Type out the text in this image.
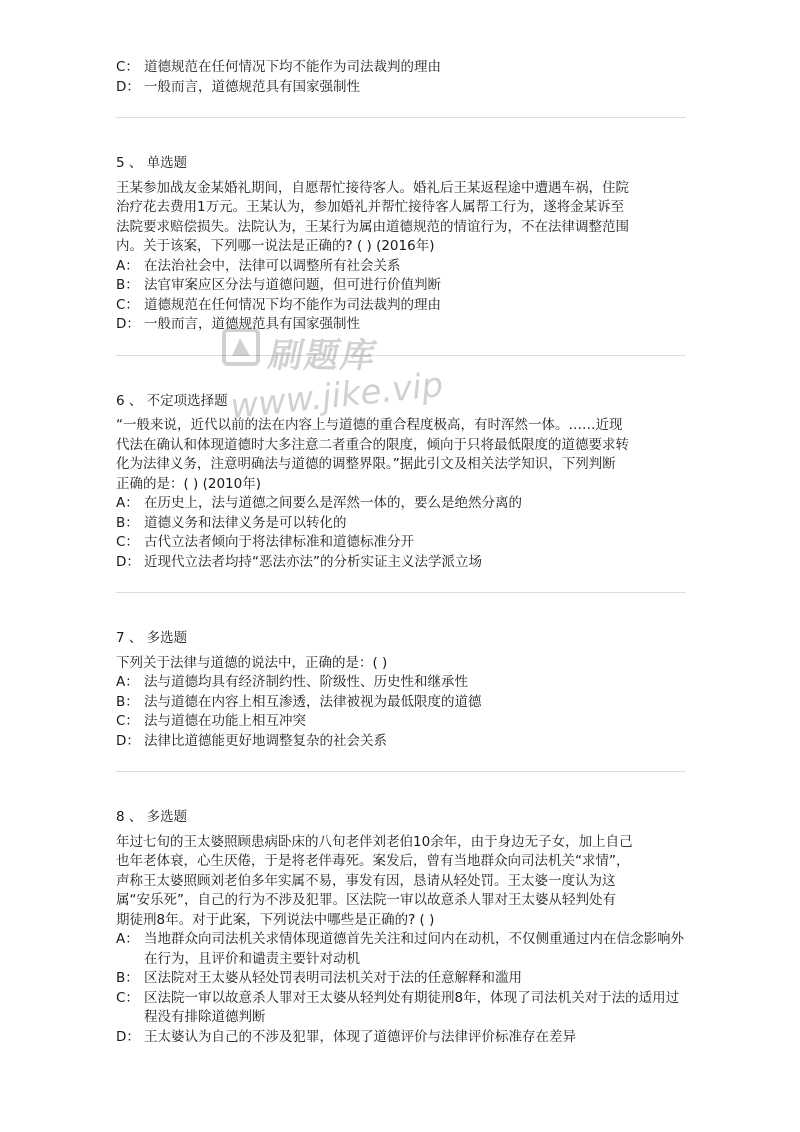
C： 道德规范在任何情况下均不能作为司法裁判的理由
D： 一般而言，道德规范具有国家强制性
5 、 单选题
王某参加战友金某婚礼期间，自愿帮忙接待客人。婚礼后王某返程途中遭遇车祸，住院
治疗花去费用1万元。王某认为，参加婚礼并帮忙接待客人属帮工行为，遂将金某诉至
法院要求赔偿损失。法院认为，王某行为属由道德规范的情谊行为，不在法律调整范围
内。关于该案，下列哪一说法是正确的? ( ) (2016年)
A： 在法治社会中，法律可以调整所有社会关系
B： 法官审案应区分法与道德问题，但可进行价值判断
C： 道德规范在任何情况下均不能作为司法裁判的理由
D： 一般而言，道德规范具有国家强制性
6 、 不定项选择题
“一般来说，近代以前的法在内容上与道德的重合程度极高，有时浑然一体。……近现
代法在确认和体现道德时大多注意二者重合的限度，倾向于只将最低限度的道德要求转
化为法律义务，注意明确法与道德的调整界限。”据此引文及相关法学知识，下列判断
正确的是：( ) (2010年)
A： 在历史上，法与道德之间要么是浑然一体的，要么是绝然分离的
B： 道德义务和法律义务是可以转化的
C： 古代立法者倾向于将法律标准和道德标准分开
D： 近现代立法者均持“恶法亦法”的分析实证主义法学派立场
7 、 多选题
下列关于法律与道德的说法中，正确的是：( )
A： 法与道德均具有经济制约性、阶级性、历史性和继承性
B： 法与道德在内容上相互渗透，法律被视为最低限度的道德
C： 法与道德在功能上相互冲突
D： 法律比道德能更好地调整复杂的社会关系
8 、 多选题
年过七旬的王太婆照顾患病卧床的八旬老伴刘老伯10余年，由于身边无子女，加上自己
也年老体衰，心生厌倦，于是将老伴毒死。案发后，曾有当地群众向司法机关“求情”，
声称王太婆照顾刘老伯多年实属不易，事发有因，恳请从轻处罚。王太婆一度认为这
属“安乐死”，自己的行为不涉及犯罪。区法院一审以故意杀人罪对王太婆从轻判处有
期徒刑8年。对于此案，下列说法中哪些是正确的? ( )
A： 当地群众向司法机关求情体现道德首先关注和过问内在动机，不仅侧重通过内在信念影响外在行为，且评价和谴责主要针对动机
B： 区法院对王太婆从轻处罚表明司法机关对于法的任意解释和滥用
C： 区法院一审以故意杀人罪对王太婆从轻判处有期徒刑8年，体现了司法机关对于法的适用过程没有排除道德判断
D： 王太婆认为自己的不涉及犯罪，体现了道德评价与法律评价标准存在差异
刷题库
www.jike.vip
